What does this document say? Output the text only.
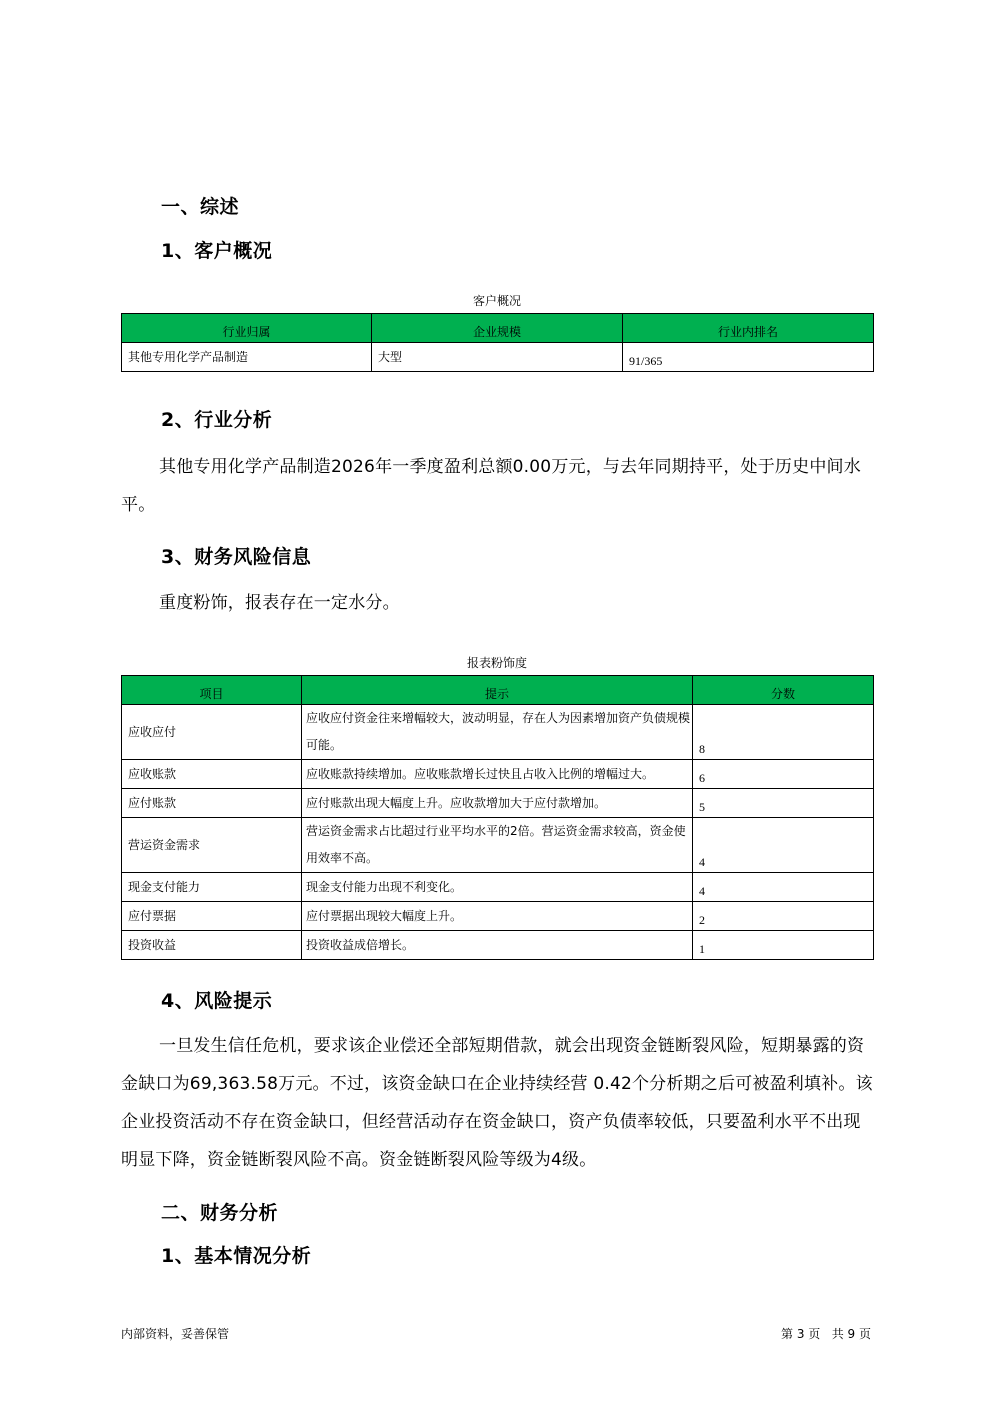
一、综述
1、客户概况
客户概况
行业归属	企业规模	行业内排名
其他专用化学产品制造	大型	91/365
2、行业分析
其他专用化学产品制造2026年一季度盈利总额0.00万元，与去年同期持平，处于历史中间水平。
3、财务风险信息
重度粉饰，报表存在一定水分。
报表粉饰度
项目	提示	分数
应收应付	应收应付资金往来增幅较大，波动明显，存在人为因素增加资产负债规模可能。	8
应收账款	应收账款持续增加。应收账款增长过快且占收入比例的增幅过大。	6
应付账款	应付账款出现大幅度上升。应收款增加大于应付款增加。	5
营运资金需求	营运资金需求占比超过行业平均水平的2倍。营运资金需求较高，资金使用效率不高。	4
现金支付能力	现金支付能力出现不利变化。	4
应付票据	应付票据出现较大幅度上升。	2
投资收益	投资收益成倍增长。	1
4、风险提示
一旦发生信任危机，要求该企业偿还全部短期借款，就会出现资金链断裂风险，短期暴露的资金缺口为69,363.58万元。不过，该资金缺口在企业持续经营 0.42个分析期之后可被盈利填补。该企业投资活动不存在资金缺口，但经营活动存在资金缺口，资产负债率较低，只要盈利水平不出现明显下降，资金链断裂风险不高。资金链断裂风险等级为4级。
二、财务分析
1、基本情况分析
内部资料，妥善保管	第 3 页   共 9 页
